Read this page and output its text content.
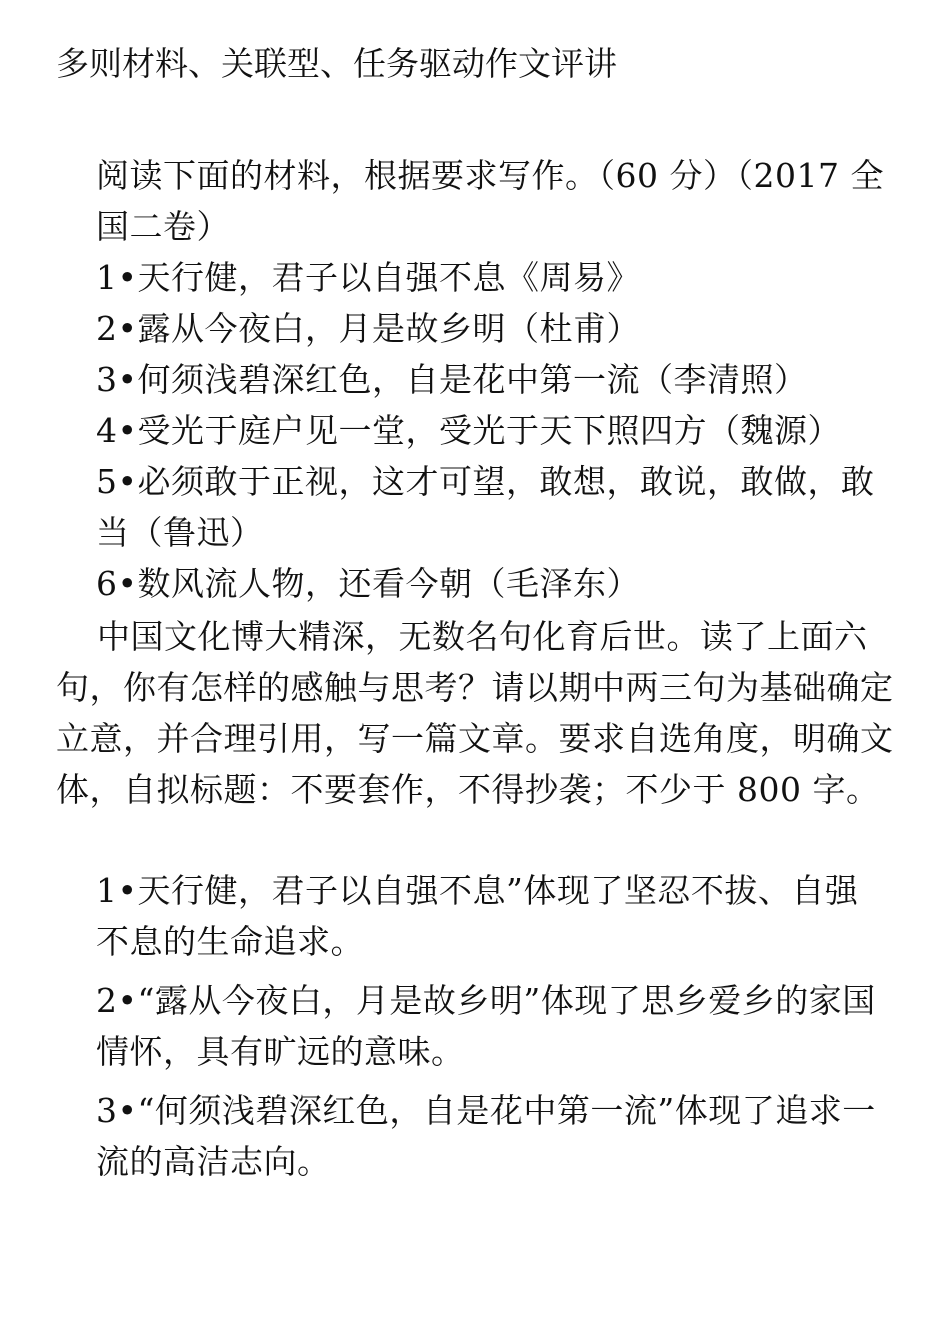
多则材料、关联型、任务驱动作文评讲

阅读下面的材料，根据要求写作。（60 分）（2017 全国二卷）

1•天行健，君子以自强不息《周易》

2•露从今夜白，月是故乡明（杜甫）

3•何须浅碧深红色，自是花中第一流（李清照）

4•受光于庭户见一堂，受光于天下照四方（魏源）

5•必须敢于正视，这才可望，敢想，敢说，敢做，敢当（鲁迅）

6•数风流人物，还看今朝（毛泽东）

中国文化博大精深，无数名句化育后世。读了上面六句，你有怎样的感触与思考？请以期中两三句为基础确定立意，并合理引用，写一篇文章。要求自选角度，明确文体，自拟标题：不要套作，不得抄袭；不少于 800 字。

1•天行健，君子以自强不息”体现了坚忍不拔、自强不息的生命追求。

2•“露从今夜白，月是故乡明”体现了思乡爱乡的家国情怀，具有旷远的意味。

3•“何须浅碧深红色，自是花中第一流”体现了追求一流的高洁志向。
